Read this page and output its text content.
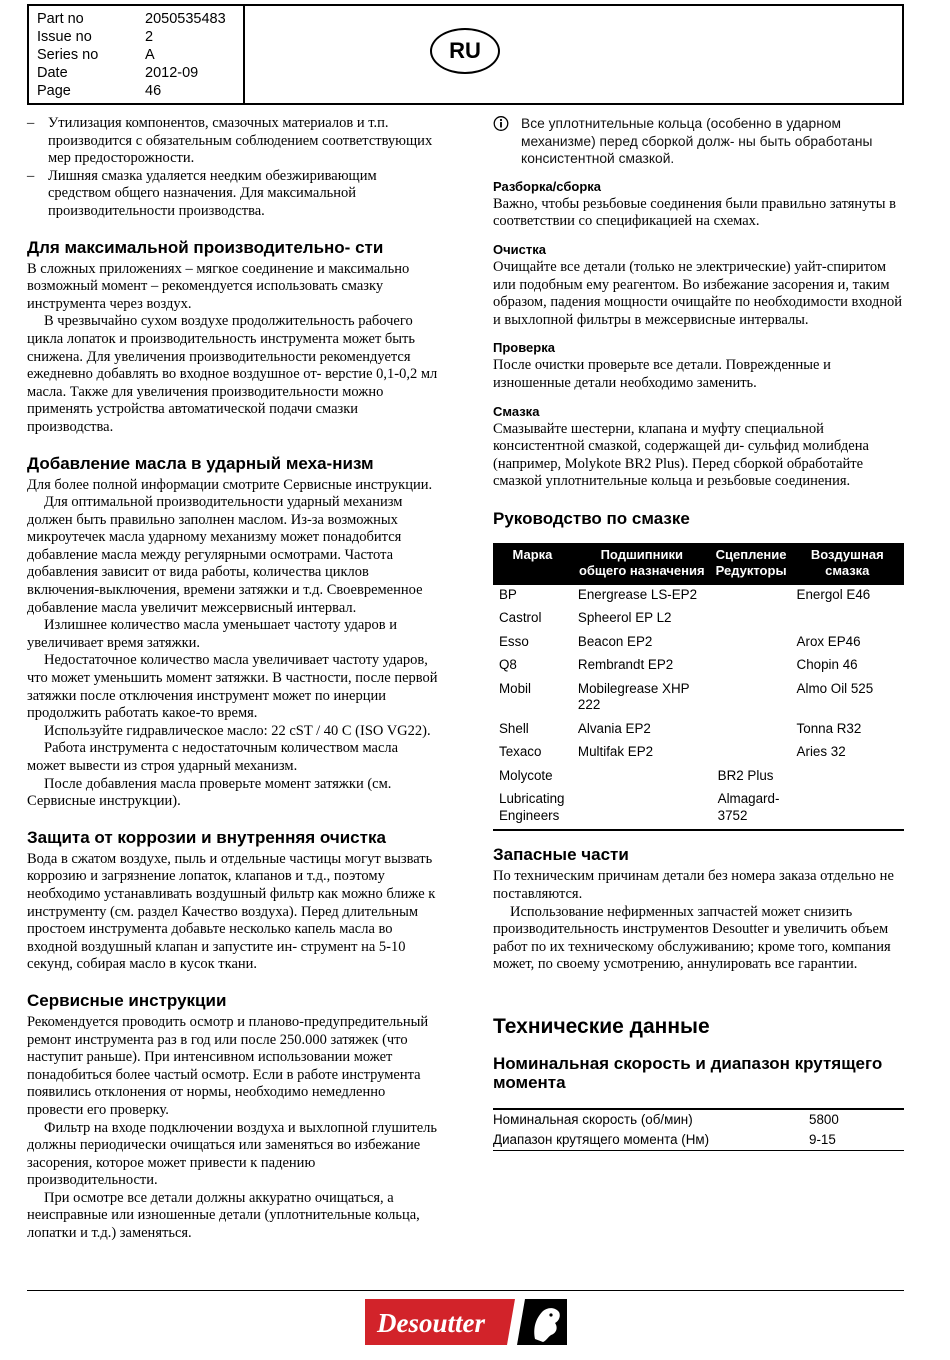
Part no	2050535483
Issue no	2
Series no	A
Date	2012-09
Page	46
RU
– Утилизация компонентов, смазочных материалов и т.п. производится с обязательным соблюдением соответствующих мер предосторожности.
– Лишняя смазка удаляется неедким обезжиривающим средством общего назначения. Для максимальной производительности производства.
Для максимальной производительно- сти

В сложных приложениях – мягкое соединение и максимально возможный момент – рекомендуется использовать смазку инструмента через воздух.

В чрезвычайно сухом воздухе продолжительность рабочего цикла лопаток и производительность инструмента может быть снижена. Для увеличения производительности рекомендуется ежедневно добавлять во входное воздушное от- верстие 0,1-0,2 мл масла. Также для увеличения производительности можно применять устройства автоматической подачи смазки производства.

Добавление масла в ударный меха-низм

Для более полной информации смотрите Сервисные инструкции.

Для оптимальной производительности ударный механизм должен быть правильно заполнен маслом. Из-за возможных микроутечек масла ударному механизму может понадобится добавление масла между регулярными осмотрами. Частота добавления зависит от вида работы, количества циклов включения-выключения, времени затяжки и т.д. Своевременное добавление масла увеличит межсервисный интервал.

Излишнее количество масла уменьшает частоту ударов и увеличивает время затяжки.

Недостаточное количество масла увеличивает частоту ударов, что может уменьшить момент затяжки. В частности, после первой затяжки после отключения инструмент может по инерции продолжить работать какое-то время.

Используйте гидравлическое масло: 22 cST / 40 C (ISO VG22).

Работа инструмента с недостаточным количеством масла может вывести из строя ударный механизм.

После добавления масла проверьте момент затяжки (см. Сервисные инструкции).

Защита от коррозии и внутренняя очистка

Вода в сжатом воздухе, пыль и отдельные частицы могут вызвать коррозию и загрязнение лопаток, клапанов и т.д., поэтому необходимо устанавливать воздушный фильтр как можно ближе к инструменту (см. раздел Качество воздуха). Перед длительным простоем инструмента добавьте несколько капель масла во входной воздушный клапан и запустите ин- струмент на 5-10 секунд, собирая масло в кусок ткани.

Сервисные инструкции

Рекомендуется проводить осмотр и планово-предупредительный ремонт инструмента раз в год или после 250.000 затяжек (что наступит раньше). При интенсивном использовании может понадобиться более частый осмотр. Если в работе инструмента появились отклонения от нормы, необходимо немедленно провести его проверку.

Фильтр на входе подключении воздуха и выхлопной глушитель должны периодически очищаться или заменяться во избежание засорения, которое может привести к падению производительности.

При осмотре все детали должны аккуратно очищаться, а неисправные или изношенные детали (уплотнительные кольца, лопатки и т.д.) заменяться.

Все уплотнительные кольца (особенно в ударном механизме) перед сборкой долж- ны быть обработаны консистентной смазкой.
Разборка/сборка

Важно, чтобы резьбовые соединения были правильно затянуты в соответствии со спецификацией на схемах.

Очистка

Очищайте все детали (только не электрические) уайт-спиритом или подобным ему реагентом. Во избежание засорения и, таким образом, падения мощности очищайте по необходимости входной и выхлопной фильтры в межсервисные интервалы.

Проверка

После очистки проверьте все детали. Поврежденные и изношенные детали необходимо заменить.

Смазка

Смазывайте шестерни, клапана и муфту специальной консистентной смазкой, содержащей ди- сульфид молибдена (например, Molykote BR2 Plus). Перед сборкой обработайте смазкой уплотнительные кольца и резьбовые соединения.

Руководство по смазке
Марка	Подшипники общего назначения	Сцепление Редукторы	Воздушная смазка
BP	Energrease LS-EP2		Energol E46
Castrol	Spheerol EP L2		
Esso	Beacon EP2		Arox EP46
Q8	Rembrandt EP2		Chopin 46
Mobil	Mobilegrease XHP 222		Almo Oil 525
Shell	Alvania EP2		Tonna R32
Texaco	Multifak EP2		Aries 32
Molycote		BR2 Plus	
Lubricating Engineers		Almagard-3752	
Запасные части

По техническим причинам детали без номера заказа отдельно не поставляются.

Использование нефирменных запчастей может снизить производительность инструментов Desoutter и увеличить объем работ по их техническому обслуживанию; кроме того, компания может, по своему усмотрению, аннулировать все гарантии.

Технические данные
Номинальная скорость и диапазон крутящего момента
Номинальная скорость (об/мин)	5800
Диапазон крутящего момента (Нм)	9-15
Desoutter
